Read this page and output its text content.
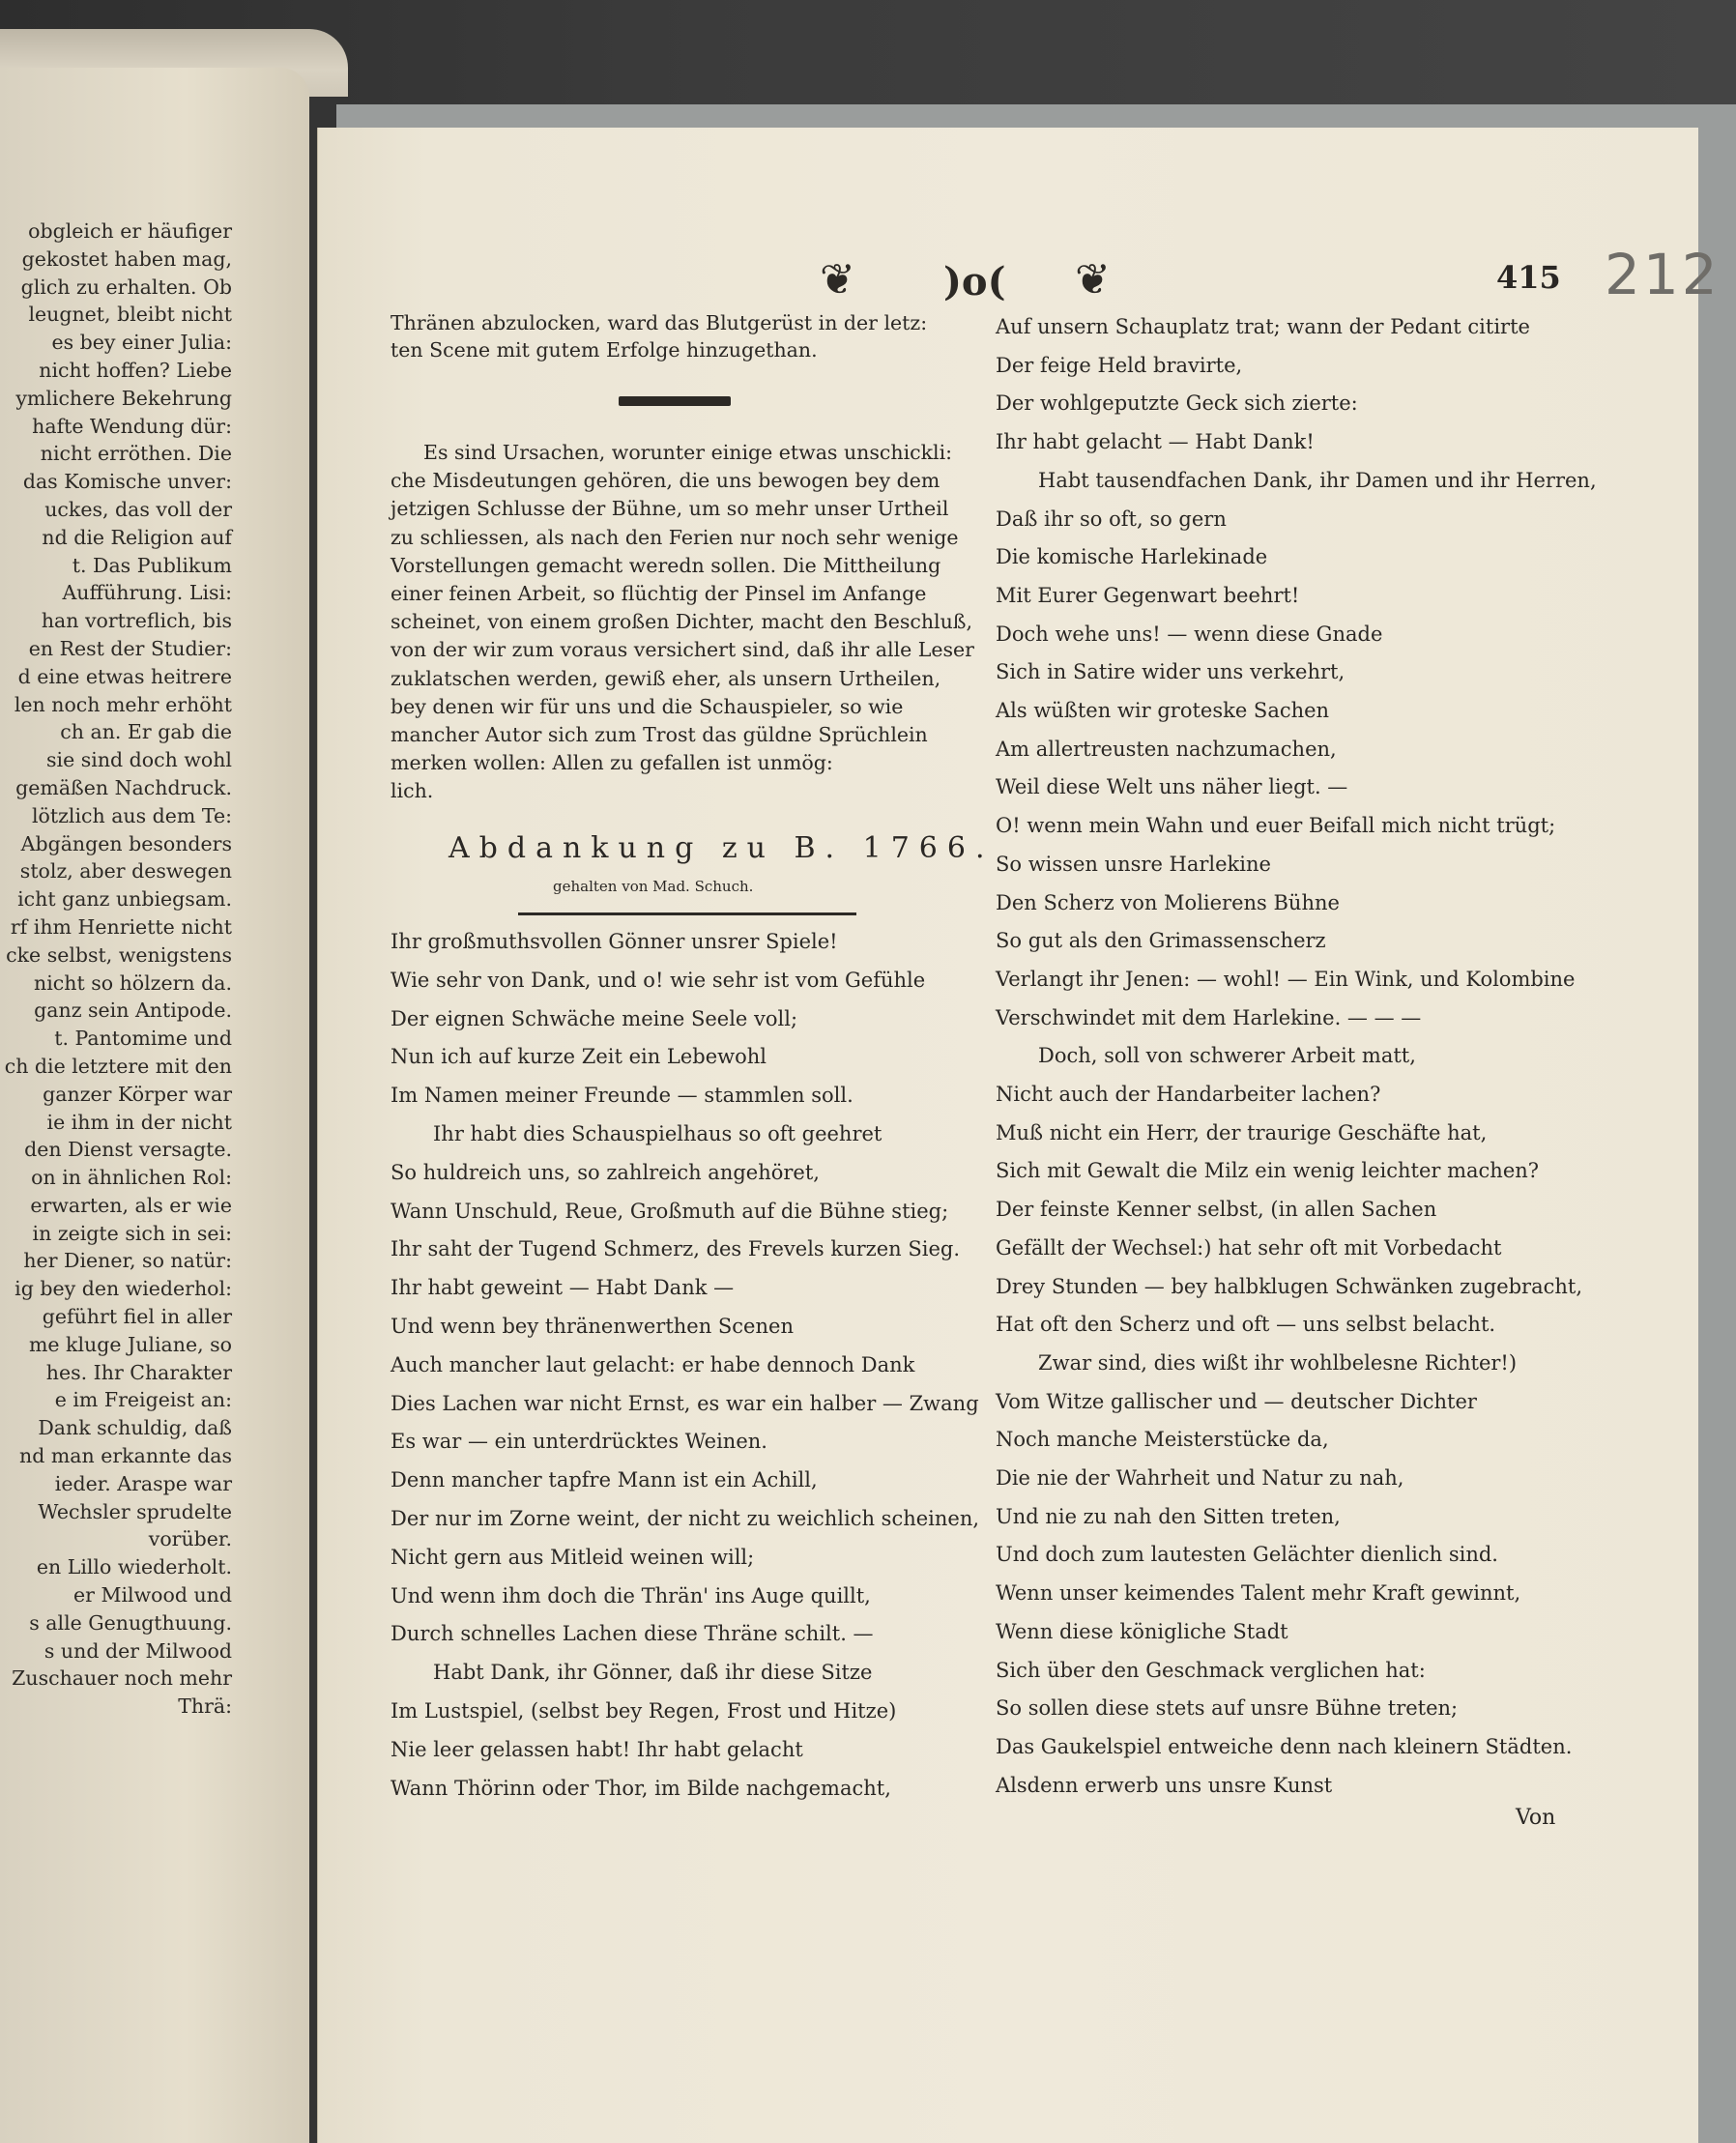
obgleich er häufiger
gekostet haben mag,
glich zu erhalten. Ob
leugnet, bleibt nicht
es bey einer Julia:
nicht hoffen? Liebe
ymlichere Bekehrung
hafte Wendung dür:
nicht erröthen. Die
das Komische unver:
uckes, das voll der
nd die Religion auf
t. Das Publikum
Aufführung. Lisi:
han vortreflich, bis
en Rest der Studier:
d eine etwas heitrere
len noch mehr erhöht
ch an. Er gab die
sie sind doch wohl
gemäßen Nachdruck.
lötzlich aus dem Te:
Abgängen besonders
stolz, aber deswegen
icht ganz unbiegsam.
rf ihm Henriette nicht
cke selbst, wenigstens
nicht so hölzern da.
ganz sein Antipode.
t. Pantomime und
ch die letztere mit den
ganzer Körper war
ie ihm in der nicht
den Dienst versagte.
on in ähnlichen Rol:
erwarten, als er wie
in zeigte sich in sei:
her Diener, so natür:
ig bey den wiederhol:
geführt fiel in aller
me kluge Juliane, so
hes. Ihr Charakter
e im Freigeist an:
Dank schuldig, daß
nd man erkannte das
ieder. Araspe war
Wechsler sprudelte
vorüber.
en Lillo wiederholt.
er Milwood und
s alle Genugthuung.
s und der Milwood
Zuschauer noch mehr
Thrä:
❦ )o( ❦	415 212
Thränen abzulocken, ward das Blutgerüst in der letz:
ten Scene mit gutem Erfolge hinzugethan.
Es sind Ursachen, worunter einige etwas unschickli:
che Misdeutungen gehören, die uns bewogen bey dem
jetzigen Schlusse der Bühne, um so mehr unser Urtheil
zu schliessen, als nach den Ferien nur noch sehr wenige
Vorstellungen gemacht weredn sollen. Die Mittheilung
einer feinen Arbeit, so flüchtig der Pinsel im Anfange
scheinet, von einem großen Dichter, macht den Beschluß,
von der wir zum voraus versichert sind, daß ihr alle Leser
zuklatschen werden, gewiß eher, als unsern Urtheilen,
bey denen wir für uns und die Schauspieler, so wie
mancher Autor sich zum Trost das güldne Sprüchlein
merken wollen: Allen zu gefallen ist unmög:
lich.
Abdankung zu B. 1766.
gehalten von Mad. Schuch.
Ihr großmuthsvollen Gönner unsrer Spiele!
Wie sehr von Dank, und o! wie sehr ist vom Gefühle
Der eignen Schwäche meine Seele voll;
Nun ich auf kurze Zeit ein Lebewohl
Im Namen meiner Freunde — stammlen soll.
Ihr habt dies Schauspielhaus so oft geehret
So huldreich uns, so zahlreich angehöret,
Wann Unschuld, Reue, Großmuth auf die Bühne stieg;
Ihr saht der Tugend Schmerz, des Frevels kurzen Sieg.
Ihr habt geweint — Habt Dank —
Und wenn bey thränenwerthen Scenen
Auch mancher laut gelacht: er habe dennoch Dank
Dies Lachen war nicht Ernst, es war ein halber — Zwang
Es war — ein unterdrücktes Weinen.
Denn mancher tapfre Mann ist ein Achill,
Der nur im Zorne weint, der nicht zu weichlich scheinen,
Nicht gern aus Mitleid weinen will;
Und wenn ihm doch die Thrän' ins Auge quillt,
Durch schnelles Lachen diese Thräne schilt. —
Habt Dank, ihr Gönner, daß ihr diese Sitze
Im Lustspiel, (selbst bey Regen, Frost und Hitze)
Nie leer gelassen habt! Ihr habt gelacht
Wann Thörinn oder Thor, im Bilde nachgemacht,
Auf unsern Schauplatz trat; wann der Pedant citirte
Der feige Held bravirte,
Der wohlgeputzte Geck sich zierte:
Ihr habt gelacht — Habt Dank!
Habt tausendfachen Dank, ihr Damen und ihr Herren,
Daß ihr so oft, so gern
Die komische Harlekinade
Mit Eurer Gegenwart beehrt!
Doch wehe uns! — wenn diese Gnade
Sich in Satire wider uns verkehrt,
Als wüßten wir groteske Sachen
Am allertreusten nachzumachen,
Weil diese Welt uns näher liegt. —
O! wenn mein Wahn und euer Beifall mich nicht trügt;
So wissen unsre Harlekine
Den Scherz von Molierens Bühne
So gut als den Grimassenscherz
Verlangt ihr Jenen: — wohl! — Ein Wink, und Kolombine
Verschwindet mit dem Harlekine. — — —
Doch, soll von schwerer Arbeit matt,
Nicht auch der Handarbeiter lachen?
Muß nicht ein Herr, der traurige Geschäfte hat,
Sich mit Gewalt die Milz ein wenig leichter machen?
Der feinste Kenner selbst, (in allen Sachen
Gefällt der Wechsel:) hat sehr oft mit Vorbedacht
Drey Stunden — bey halbklugen Schwänken zugebracht,
Hat oft den Scherz und oft — uns selbst belacht.
Zwar sind, dies wißt ihr wohlbelesne Richter!)
Vom Witze gallischer und — deutscher Dichter
Noch manche Meisterstücke da,
Die nie der Wahrheit und Natur zu nah,
Und nie zu nah den Sitten treten,
Und doch zum lautesten Gelächter dienlich sind.
Wenn unser keimendes Talent mehr Kraft gewinnt,
Wenn diese königliche Stadt
Sich über den Geschmack verglichen hat:
So sollen diese stets auf unsre Bühne treten;
Das Gaukelspiel entweiche denn nach kleinern Städten.
Alsdenn erwerb uns unsre Kunst
Von
